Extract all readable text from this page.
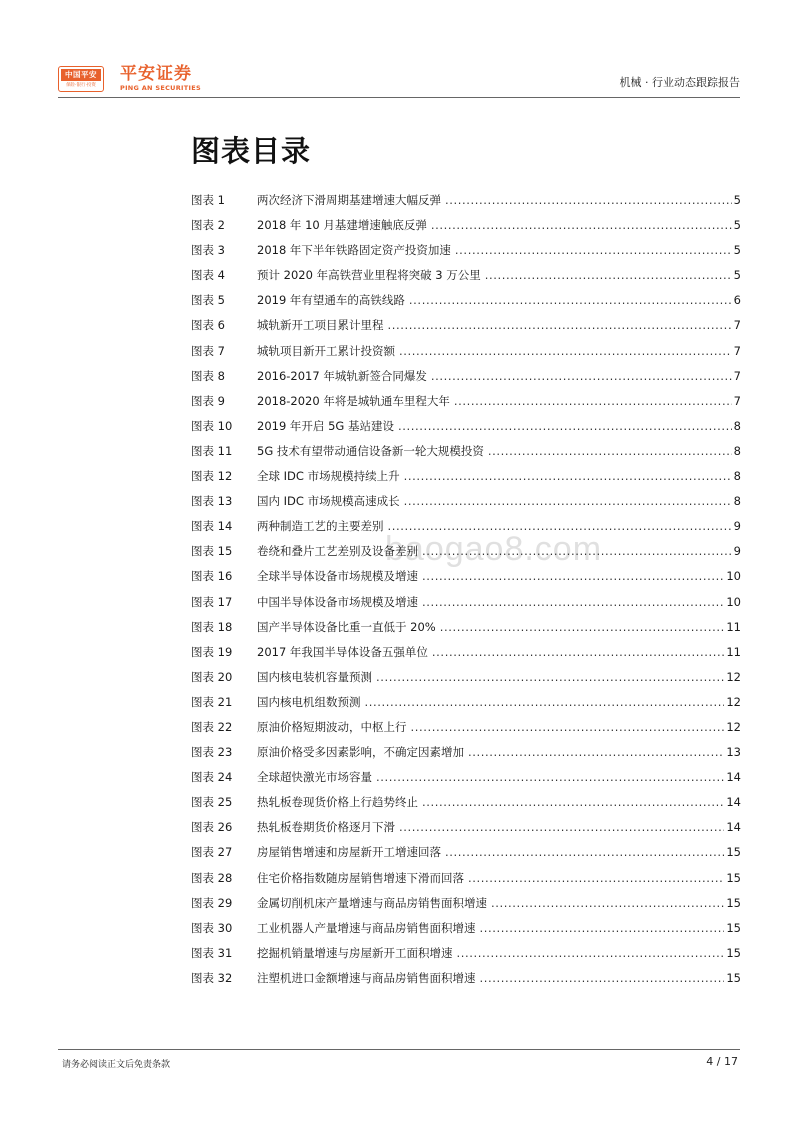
中国平安
保险·银行·投资
平安证券
PING AN SECURITIES	机械 · 行业动态跟踪报告
图表目录
baogao8.com
图表 1	两次经济下滑周期基建增速大幅反弹 .....	5
图表 2	2018 年 10 月基建增速触底反弹 .....	5
图表 3	2018 年下半年铁路固定资产投资加速 .....	5
图表 4	预计 2020 年高铁营业里程将突破 3 万公里 .....	5
图表 5	2019 年有望通车的高铁线路 .....	6
图表 6	城轨新开工项目累计里程 .....	7
图表 7	城轨项目新开工累计投资额 .....	7
图表 8	2016-2017 年城轨新签合同爆发 .....	7
图表 9	2018-2020 年将是城轨通车里程大年 .....	7
图表 10	2019 年开启 5G 基站建设 .....	8
图表 11	5G 技术有望带动通信设备新一轮大规模投资 .....	8
图表 12	全球 IDC 市场规模持续上升 .....	8
图表 13	国内 IDC 市场规模高速成长 .....	8
图表 14	两种制造工艺的主要差别 .....	9
图表 15	卷绕和叠片工艺差别及设备差别 .....	9
图表 16	全球半导体设备市场规模及增速 .....	10
图表 17	中国半导体设备市场规模及增速 .....	10
图表 18	国产半导体设备比重一直低于 20% .....	11
图表 19	2017 年我国半导体设备五强单位 .....	11
图表 20	国内核电装机容量预测 .....	12
图表 21	国内核电机组数预测 .....	12
图表 22	原油价格短期波动，中枢上行 .....	12
图表 23	原油价格受多因素影响，不确定因素增加 .....	13
图表 24	全球超快激光市场容量 .....	14
图表 25	热轧板卷现货价格上行趋势终止 .....	14
图表 26	热轧板卷期货价格逐月下滑 .....	14
图表 27	房屋销售增速和房屋新开工增速回落 .....	15
图表 28	住宅价格指数随房屋销售增速下滑而回落 .....	15
图表 29	金属切削机床产量增速与商品房销售面积增速 .....	15
图表 30	工业机器人产量增速与商品房销售面积增速 .....	15
图表 31	挖掘机销量增速与房屋新开工面积增速 .....	15
图表 32	注塑机进口金额增速与商品房销售面积增速 .....	15
请务必阅读正文后免责条款	4 / 17
